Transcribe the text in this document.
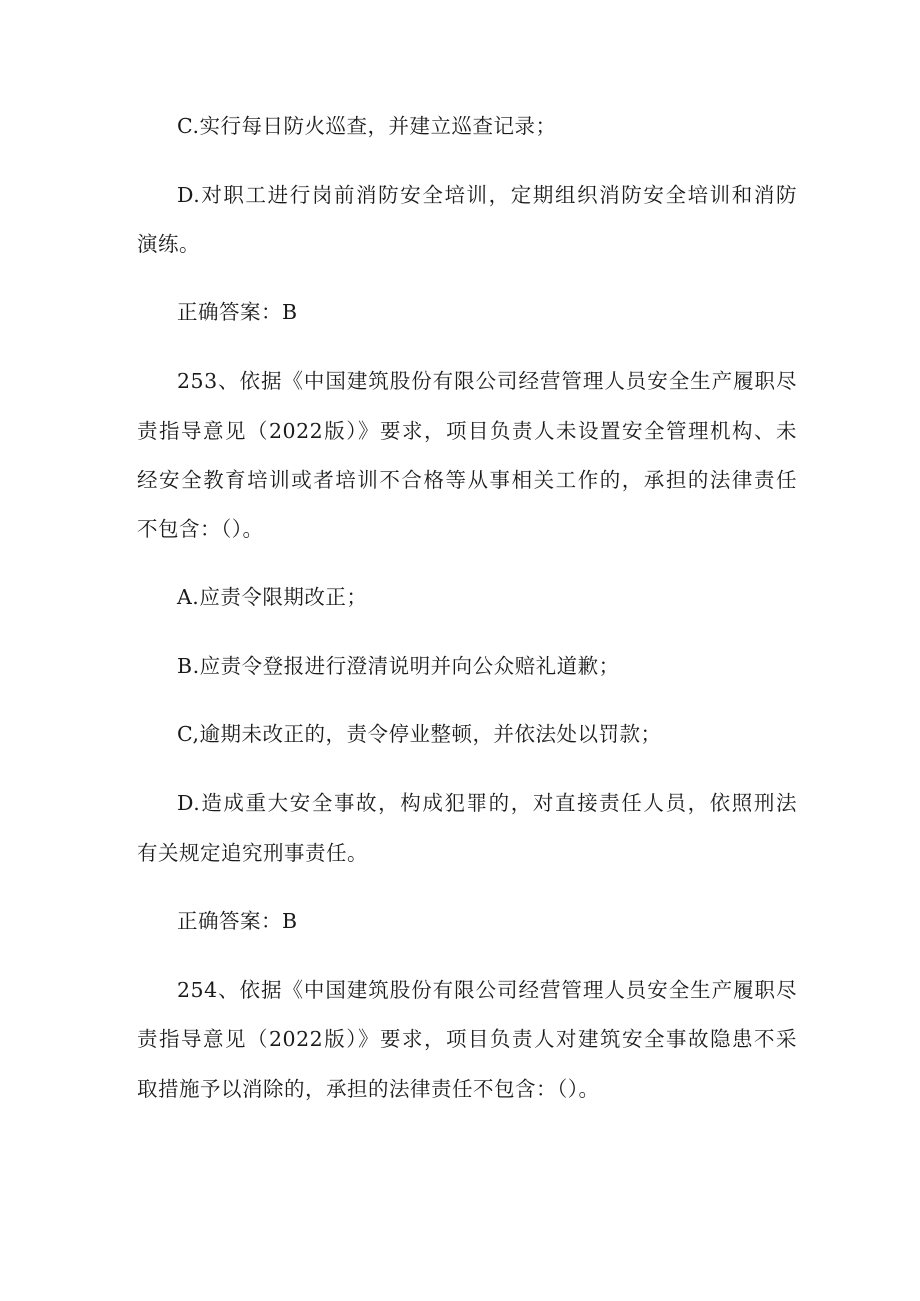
C.实行每日防火巡查，并建立巡查记录；
D.对职工进行岗前消防安全培训，定期组织消防安全培训和消防
演练。
正确答案：B
253、依据《中国建筑股份有限公司经营管理人员安全生产履职尽
责指导意见（2022版）》要求，项目负责人未设置安全管理机构、未
经安全教育培训或者培训不合格等从事相关工作的，承担的法律责任
不包含：（）。
A.应责令限期改正；
B.应责令登报进行澄清说明并向公众赔礼道歉；
C,逾期未改正的，责令停业整顿，并依法处以罚款；
D.造成重大安全事故，构成犯罪的，对直接责任人员，依照刑法
有关规定追究刑事责任。
正确答案：B
254、依据《中国建筑股份有限公司经营管理人员安全生产履职尽
责指导意见（2022版）》要求，项目负责人对建筑安全事故隐患不采
取措施予以消除的，承担的法律责任不包含：（）。
